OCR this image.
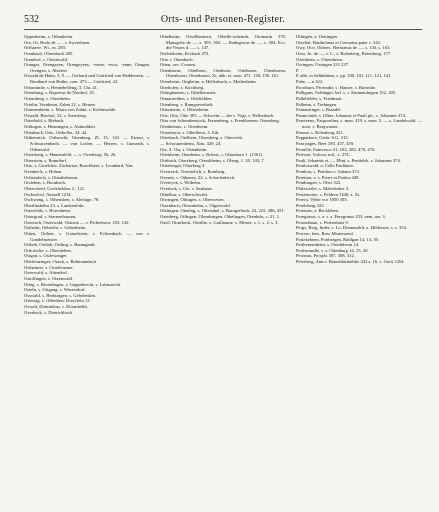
532	Orts- und Personen-Register.

Oppenheim, s. Othenheim.

Ore, Or, Bodo de — , s. Swerehaen.

Orfhaeve, Wi., m. 283.

Orenbach, Ohrenbach 205.

Orendorf, s. Ostenwald.

Oranges, Orengeyen, Orengeyens, -wene, -ewis, -enne, Orngen, Orengen, s. Abteien.

Oswald de Hahn, 3, 9. — Gerhard und Gottfried von Heddeneen, — Bernhard von Ruthe, com. 473 — Gottfried, 22.

Orlamünde, s. Hennehelleng, 3. Chr. 41.

Ortenburg, s. Rupertus de Northof, 35.

Ortemberg, s. Ortenheim.

Ortelin, Vernheim, Zahni 22, s. Herten.

Osannenheim, s. Maria von Zahni, s. Kiehnwalde.

Oswald, Bischof, 33, s. Sternberg.

Osterhald, s. Riebach.

Ottlingen, s. Henningen, s. Antinolden.

Ottenbach, Otto, Orthofler, 34. 44.

Ottheinrich, Orthoscht, Ottenburg, Zl. 15, 120. — Ernest, s. Schwarzenbach. — von Lotten. — Herren, s. Gumrath, s. Odenwald.

Ottersberg, s. Hennenfeld. — s. Ovenborg. Nr. 26.

Otterstein, s. Bonndorf.

Otto, s. Gruelcker, Zachariae, Buochbeer, s. Leonhard, Nur.

Ovenbeck, s. Hohen.

Ochsenloch, s. Otnathshusen.

Orsleben, s. Bornbach.

Oberviertel, Grolzhelden, L. 121.

Oscherforf, Neusell 1234.

Oschwang, s. Othenshen, s. Alerlage, 78.

Oberlinshelm 23, s. Lambenfoht.

Osterfelds, s. Horenheim.

Ostergrad, s. Sternenhausen.

Ostenach, Osterwald, Ostrack — s. Pickerborn, 103, 143.

Ostheim, Oeberlin, s. Gebenheim.

Othen, Orthen, s. Grauelstein, s. Echtenbach. — von s. Gundelmeister.

Ortlieb, Ortlieb, Ortling, s. Baumgardt.

Ortlofsche, s. Obersleben.

Ostgau, s. Ostlewanger.

Oberleuzinger, Ozeck, s. Bohmannlach.

Ostheimer, s. Osterleuzner.

Osterwald, s. Altendorf.

Ostolfingen, s. Otzenwald.

Orteg, s. Bosenhagen, s. Geppebrecht, s. Lahnsreich.

Osteln, s. Ortgang, s. Winzerdorf.

Osswald, s. Herbtingen, s. Gebelenken.

Ostertag, s. Offenbert, Dreyffeln 13.

Oswalt, Dominikus, s. Doranhelth.

Overbeck, s. Dietrichbach.

Othelheim, Orsellheimen, Othelle-scheimb, Otomarin 378, Mansgebe de —, s. 303, 303. — Radegertus de —, s. 304. Ecc. die Vesars d. —, s. 147.

Otelsloheim, Krcbach 473.

Otto v. Ottenbach.

Otten, oec. Conrest.

Ottenbaern, Ottelhern, Otenhern, Ottebaren, Ottenboren, Ottenboren, Ottenburen, Xi, ahb. et. mon. 471. 138, 150, 161.

Ottenheim, Ortgheim, a. Hellenbach, s. Matherheim.

Ottehofen, s. Kirchberg.

Ottinghausen, s. Othelbernsen.

Otmarrtelden, s. Ottelfelden.

Ottenberg, s. Ramgraveshelt.

Ottersheim, s. Othersheim.

Otts, Otto, Otto 305 — Schwein — der s. Vogt, v. Hellenbach.

Otto von Schmalenstock, Frauenberg, s. Frenkhsesen, Ostenberg.

Otenheimer, s. Ottenheim.

Otrenbeyst, s. Othelbern, 3. Zib.

Otterbach, Otelbern, Ottersberg, s. Ottervieh.

— Schwanenheim, Xim. 320, 24.

Otz, S. Ost, s. Ostenheim.

Ottenbeim, Otanheim, s. Robert, s. Ottunhorn 1. (1361).

Ottrbach, Otorzberg, Otershheim, s. Oberg. 1. 20. 143, 7.

Otterbergel, Otterberg 4.

Overreich, Ovenrelich, s. Romberg.

Oveney, s. Otheney, 22, s. Schorlenbech.

Overeyck, s. Wilhelm.

Overlack, s. Ost. s. Sarthaus.

Othelbur, s. Oberschwald.

Otwingen, Otlingen, s. Oberwesen.

Otzenbach, Ottsenbelm, s. Otgenwald.

Otzlingen, Otenlng, s. Oltenabel, s. Barngerbach, 23, 225, 286, 351.

Ozenberg, Otlingen, Olzenburgen, Othelingen, Otenbrlu, s. 21. 1.

Osiel, Otarrbeck, Otirdlie, s. Guillaume, s. Mimer, s. 1, s. 2, s. 3.

Otlingen, a. Oettingen.

Otzeltal, Bartholmae et Conradus pater s. 343.

Owy, Oov, Otlrnes, Hermanus de —, s. 143, s. 163.

Ozio, Jo. de —, s. L., s. Rolenberg, Rotenberg, 177.

Ozenbeim, s. Ottentheim.

Owingen, Owingen 231 237.

P.

P. abb. in Sehlnhnim, s. pp. 100, 101, 111, 121, 141.

Pabe, —n 322.

Pacriburn, Piceimbe, s. Hauser, s. Bartoshe.

Palligans, Soldinger, bzl. s. s. Emmendingen 152, 205.

Pallelfelder, s. Friedmatt.

Palheim, s. Trebingen.

Pantansinger, s. Brandel.

Paranciniel, s. Olber, Johannis et Pauli pb., s. Johannes 374.

Paroteeno, Pasgroelina, s. mon. 419. s. mon. 5. — s. Landelwald. — mon. s. Bergwasser.

Paseue, s. Rolenborg 321.

Pepparkore, Gisbr. S.G. 315.

Para pages, Beer 330, 437, 459.

Pearelle, Francesco 21, 162, 282, 470, 470.

Peirvon, Vulcon, mil., s. 274.

Pauli, Johannis et —, Mini, s. Penitelsh, s. Johannes 374.

Penilorwald, a. Celle Paullaner.

Penthou, s. Penthou s. Johann 374.

Peretton, s. s. Pierrs et Paulus 448.

Penthingen, s. Ober 322.

Pfalzweiler, s. Malerhuber 3.

Pestenreiter, s. Feldern 1440, s. Xi.

Perera, Veleir vor 1050 303.

Pereleberg 323.

Perennis, a. Beckleben.

Peregrinus, s. a. s. s. Peregrinus 253, nem. aer. 3.

Pessenhaun, s. Peshesbaer 9.

Pergs, Breg, Inder, s. Lo. Donnaselrh, a. Hilderaus, s. s. 354.

Perrero, lens, Ross Moutesseul.

Pottekebnen, Pottbergen, Baldgan 14, 14, 30.

Perthenemheim, s. Ostelnheun 14.

Perthwandle, s. s. Ottenburg 14, 15, 20.

Peronon, Perayla 307, 308, 312.

Peterberg, Ann.s. Benediktiherhlte 443 s. 16, s. Gerit 1454.
